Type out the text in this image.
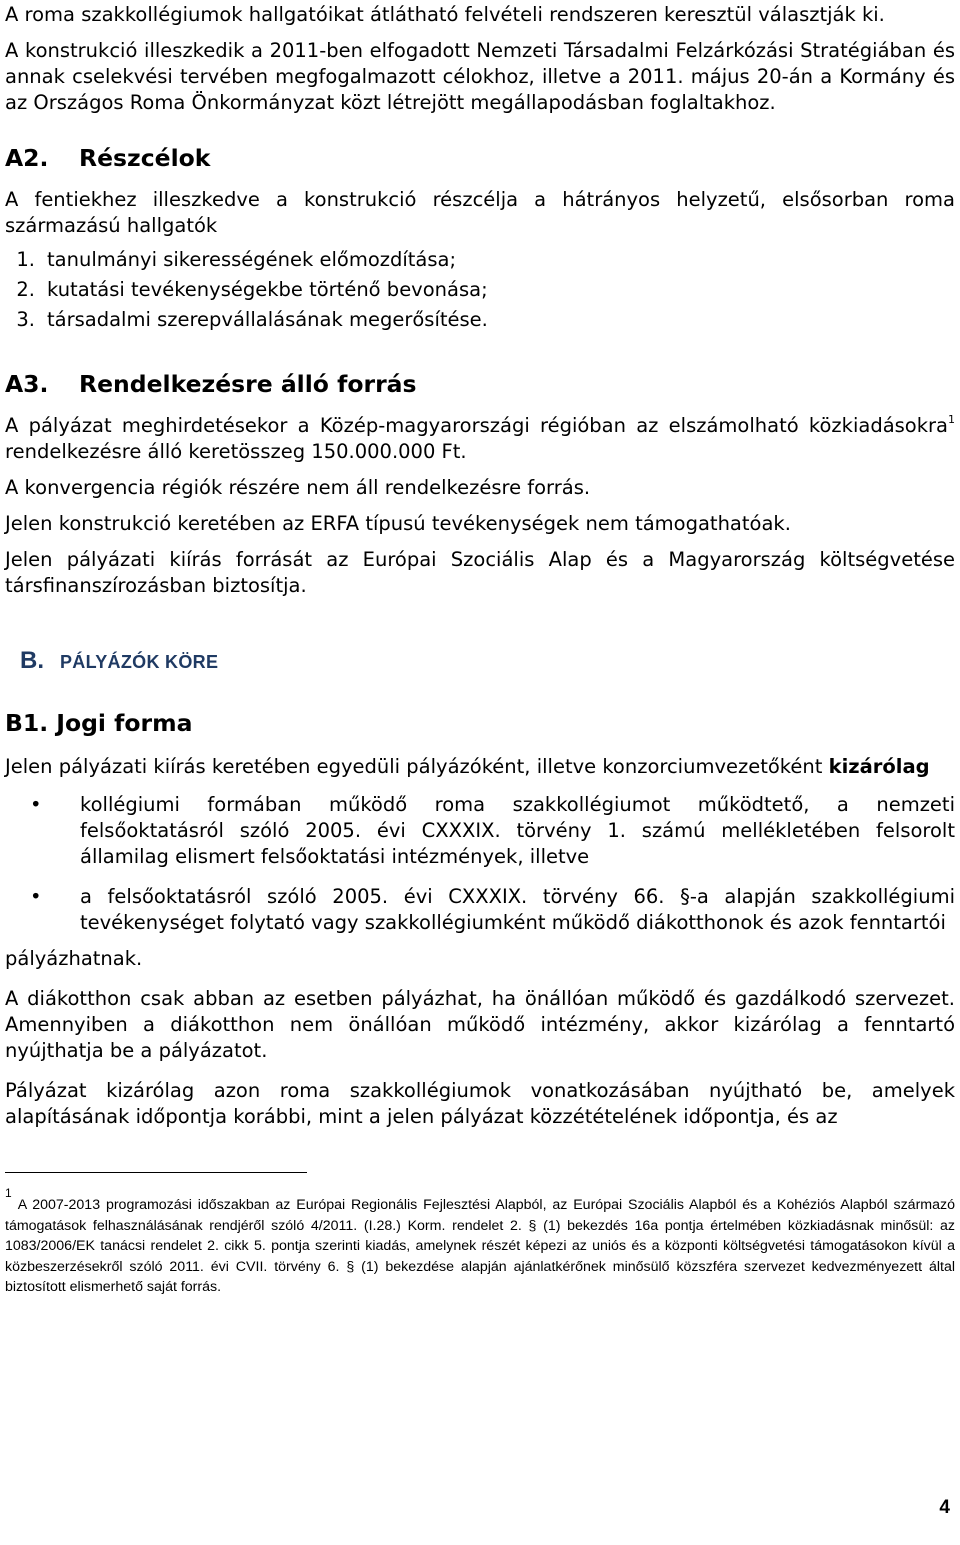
A roma szakkollégiumok hallgatóikat átlátható felvételi rendszeren keresztül választják ki.

A konstrukció illeszkedik a 2011-ben elfogadott Nemzeti Társadalmi Felzárkózási Stratégiában és annak cselekvési tervében megfogalmazott célokhoz, illetve a 2011. május 20-án a Kormány és az Országos Roma Önkormányzat közt létrejött megállapodásban foglaltakhoz.

A2. Részcélok

A fentiekhez illeszkedve a konstrukció részcélja a hátrányos helyzetű, elsősorban roma származású hallgatók

1. tanulmányi sikerességének előmozdítása;
2. kutatási tevékenységekbe történő bevonása;
3. társadalmi szerepvállalásának megerősítése.
A3. Rendelkezésre álló forrás

A pályázat meghirdetésekor a Közép-magyarországi régióban az elszámolható közkiadásokra$^1$ rendelkezésre álló keretösszeg 150.000.000 Ft.

A konvergencia régiók részére nem áll rendelkezésre forrás.

Jelen konstrukció keretében az ERFA típusú tevékenységek nem támogathatóak.

Jelen pályázati kiírás forrását az Európai Szociális Alap és a Magyarország költségvetése társfinanszírozásban biztosítja.

B. PÁLYÁZÓK KÖRE
B1. Jogi forma

Jelen pályázati kiírás keretében egyedüli pályázóként, illetve konzorciumvezetőként kizárólag

• kollégiumi formában működő roma szakkollégiumot működtető, a nemzeti felsőoktatásról szóló 2005. évi CXXXIX. törvény 1. számú mellékletében felsorolt államilag elismert felsőoktatási intézmények, illetve
• a felsőoktatásról szóló 2005. évi CXXXIX. törvény 66. §-a alapján szakkollégiumi tevékenységet folytató vagy szakkollégiumként működő diákotthonok és azok fenntartói

pályázhatnak.

A diákotthon csak abban az esetben pályázhat, ha önállóan működő és gazdálkodó szervezet. Amennyiben a diákotthon nem önállóan működő intézmény, akkor kizárólag a fenntartó nyújthatja be a pályázatot.

Pályázat kizárólag azon roma szakkollégiumok vonatkozásában nyújtható be, amelyek alapításának időpontja korábbi, mint a jelen pályázat közzétételének időpontja, és az

$^1$A 2007-2013 programozási időszakban az Európai Regionális Fejlesztési Alapból, az Európai Szociális Alapból és a Kohéziós Alapból származó támogatások felhasználásának rendjéről szóló 4/2011. (I.28.) Korm. rendelet 2. § (1) bekezdés 16a pontja értelmében közkiadásnak minősül: az 1083/2006/EK tanácsi rendelet 2. cikk 5. pontja szerinti kiadás, amelynek részét képezi az uniós és a központi költségvetési támogatásokon kívül a közbeszerzésekről szóló 2011. évi CVII. törvény 6. § (1) bekezdése alapján ajánlatkérőnek minősülő közszféra szervezet kedvezményezett által biztosított elismerhető saját forrás.

4
